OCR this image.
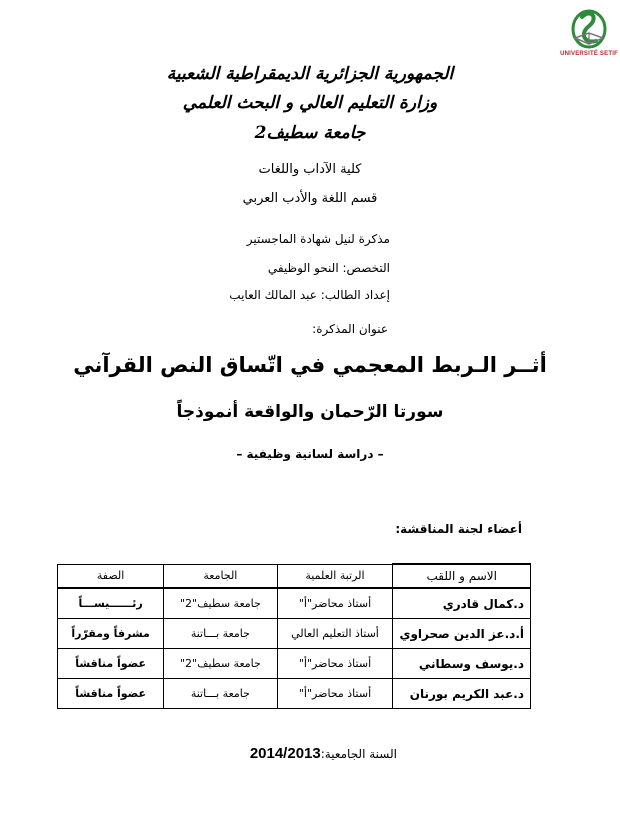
UNIVERSITÉ SETIF
الجمهورية الجزائرية الديمقراطية الشعبية
وزارة التعليم العالي و البحث العلمي
جامعة سطيف2
كلية الآداب واللغات
قسم اللغة والأدب العربي
مذكرة لنيل شهادة الماجستير
التخصص: النحو الوظيفي
إعداد الطالب: عبد المالك العايب
عنوان المذكرة:
أثــر الـربط المعجمي في اتّساق النص القرآني
سورتا الرّحمان والواقعة أنموذجاً
– دراسة لسانية وظيفية –
أعضاء لجنة المناقشة:
الاسم و اللقب	الرتبة العلمية	الجامعة	الصفة
د.كمال قادري	أستاذ محاضر"أ"	جامعة سطيف"2"	رئــــــيســـاً
أ.د.عز الدين صحراوي	أستاذ التعليم العالي	جامعة بـــاتنة	مشرفاً ومقرّراً
د.يوسف وسطاني	أستاذ محاضر"أ"	جامعة سطيف"2"	عضواً مناقشاً
د.عبد الكريم بورنان	أستاذ محاضر"أ"	جامعة بـــاتنة	عضواً مناقشاً
السنة الجامعية:2014/2013
